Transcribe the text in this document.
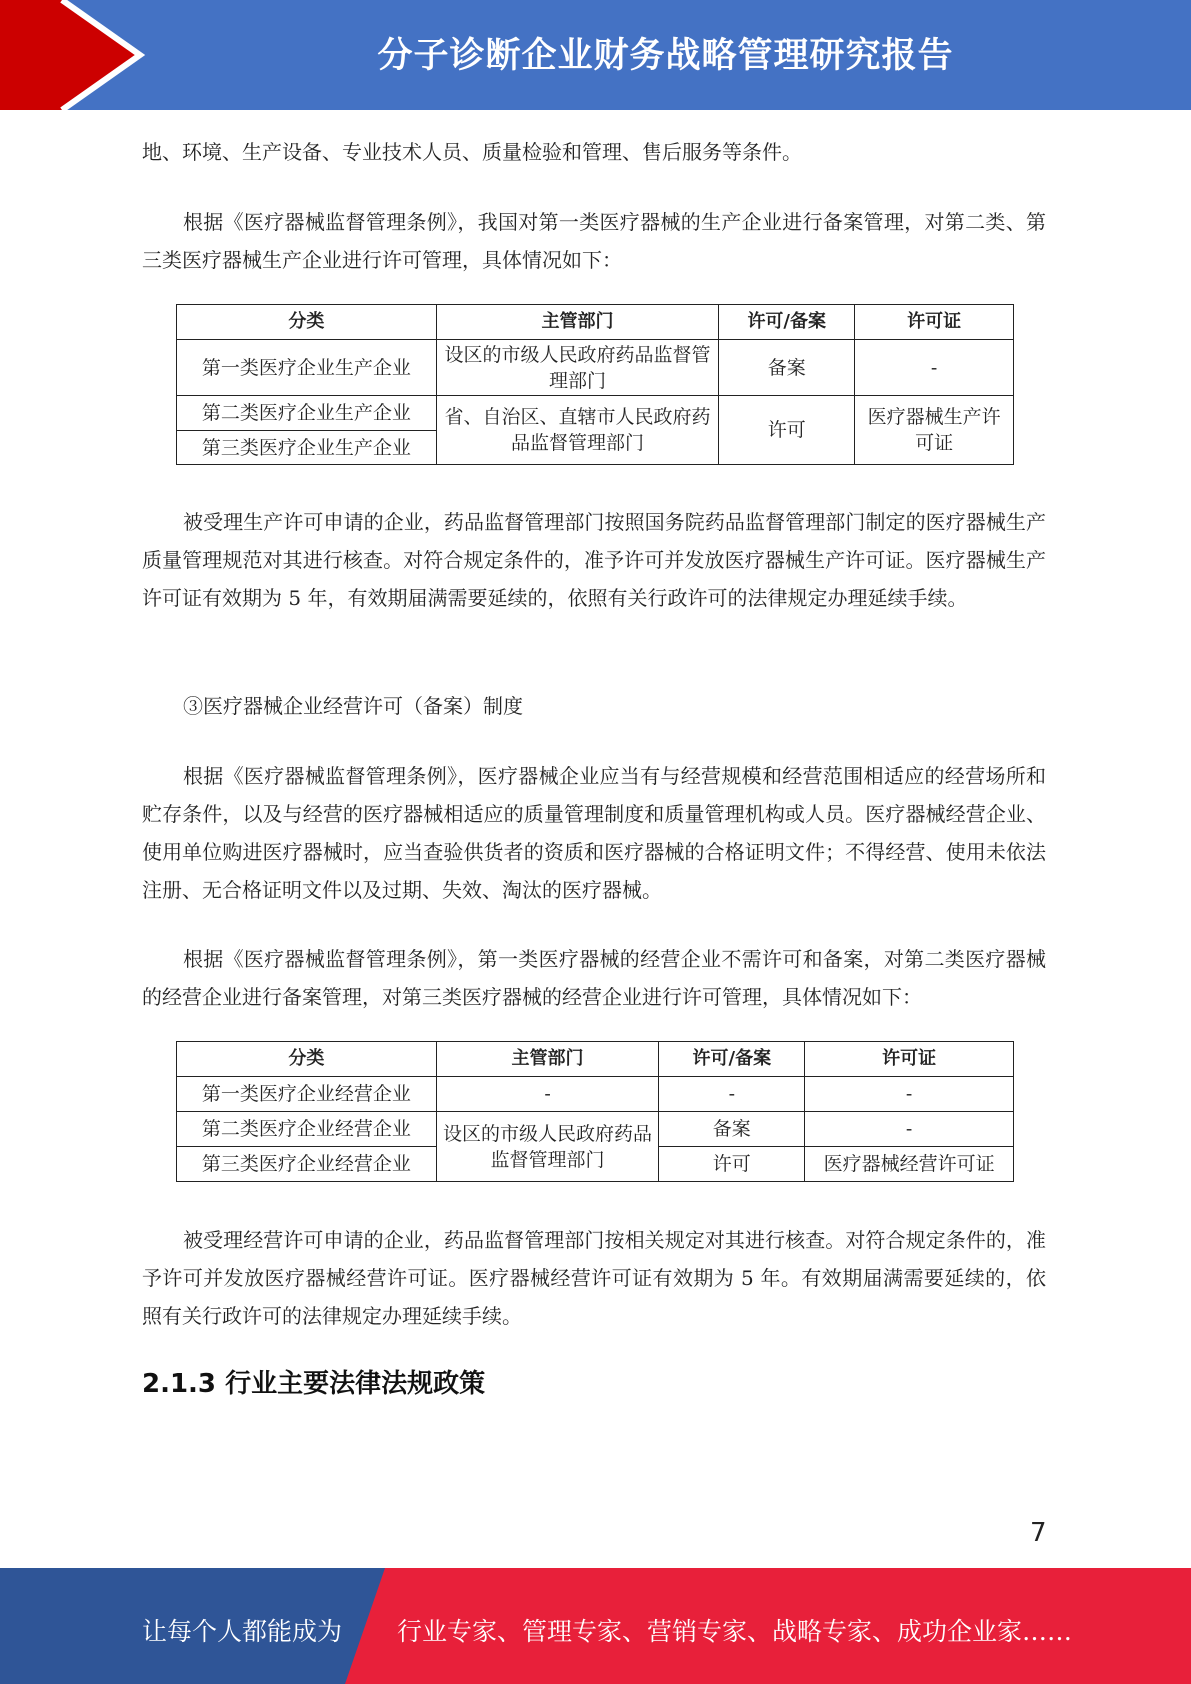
分子诊断企业财务战略管理研究报告

地、环境、生产设备、专业技术人员、质量检验和管理、售后服务等条件。

根据《医疗器械监督管理条例》，我国对第一类医疗器械的生产企业进行备案管理，对第二类、第三类医疗器械生产企业进行许可管理，具体情况如下：

分类	主管部门	许可/备案	许可证
第一类医疗企业生产企业	设区的市级人民政府药品监督管理部门	备案	-
第二类医疗企业生产企业	省、自治区、直辖市人民政府药品监督管理部门	许可	医疗器械生产许可证
第三类医疗企业生产企业			

被受理生产许可申请的企业，药品监督管理部门按照国务院药品监督管理部门制定的医疗器械生产质量管理规范对其进行核查。对符合规定条件的，准予许可并发放医疗器械生产许可证。医疗器械生产许可证有效期为 5 年，有效期届满需要延续的，依照有关行政许可的法律规定办理延续手续。

③医疗器械企业经营许可（备案）制度

根据《医疗器械监督管理条例》，医疗器械企业应当有与经营规模和经营范围相适应的经营场所和贮存条件，以及与经营的医疗器械相适应的质量管理制度和质量管理机构或人员。医疗器械经营企业、使用单位购进医疗器械时，应当查验供货者的资质和医疗器械的合格证明文件；不得经营、使用未依法注册、无合格证明文件以及过期、失效、淘汰的医疗器械。

根据《医疗器械监督管理条例》，第一类医疗器械的经营企业不需许可和备案，对第二类医疗器械的经营企业进行备案管理，对第三类医疗器械的经营企业进行许可管理，具体情况如下：

分类	主管部门	许可/备案	许可证
第一类医疗企业经营企业	-	-	-
第二类医疗企业经营企业	设区的市级人民政府药品监督管理部门	备案	-
第三类医疗企业经营企业		许可	医疗器械经营许可证

被受理经营许可申请的企业，药品监督管理部门按相关规定对其进行核查。对符合规定条件的，准予许可并发放医疗器械经营许可证。医疗器械经营许可证有效期为 5 年。有效期届满需要延续的，依照有关行政许可的法律规定办理延续手续。

2.1.3 行业主要法律法规政策
7
让每个人都能成为 行业专家、管理专家、营销专家、战略专家、成功企业家……
